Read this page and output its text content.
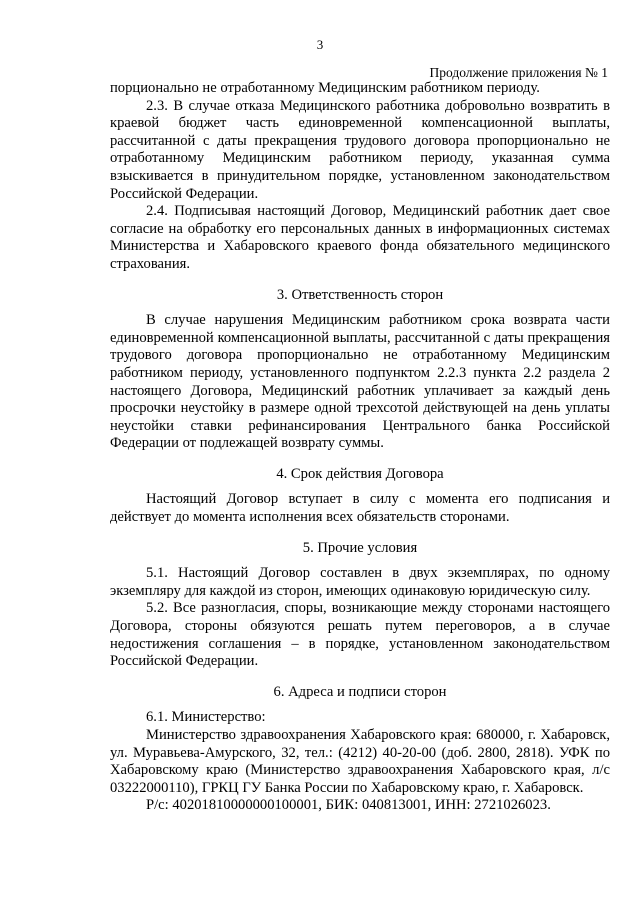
3
Продолжение приложения № 1

порционально не отработанному Медицинским работником периоду.

2.3. В случае отказа Медицинского работника добровольно возвратить в краевой бюджет часть единовременной компенсационной выплаты, рассчитанной с даты прекращения трудового договора пропорционально не отработанному Медицинским работником периоду, указанная сумма взыскивается в принудительном порядке, установленном законодательством Российской Федерации.

2.4. Подписывая настоящий Договор, Медицинский работник дает свое согласие на обработку его персональных данных в информационных системах Министерства и Хабаровского краевого фонда обязательного медицинского страхования.

3. Ответственность сторон

В случае нарушения Медицинским работником срока возврата части единовременной компенсационной выплаты, рассчитанной с даты прекращения трудового договора пропорционально не отработанному Медицинским работником периоду, установленного подпунктом 2.2.3 пункта 2.2 раздела 2 настоящего Договора, Медицинский работник уплачивает за каждый день просрочки неустойку в размере одной трехсотой действующей на день уплаты неустойки ставки рефинансирования Центрального банка Российской Федерации от подлежащей возврату суммы.

4. Срок действия Договора

Настоящий Договор вступает в силу с момента его подписания и действует до момента исполнения всех обязательств сторонами.

5. Прочие условия

5.1. Настоящий Договор составлен в двух экземплярах, по одному экземпляру для каждой из сторон, имеющих одинаковую юридическую силу.

5.2. Все разногласия, споры, возникающие между сторонами настоящего Договора, стороны обязуются решать путем переговоров, а в случае недостижения соглашения – в порядке, установленном законодательством Российской Федерации.

6. Адреса и подписи сторон

6.1. Министерство:

Министерство здравоохранения Хабаровского края: 680000, г. Хабаровск, ул. Муравьева-Амурского, 32, тел.: (4212) 40-20-00 (доб. 2800, 2818). УФК по Хабаровскому краю (Министерство здравоохранения Хабаровского края, л/с 03222000110), ГРКЦ ГУ Банка России по Хабаровскому краю, г. Хабаровск.

Р/с: 40201810000000100001, БИК: 040813001, ИНН: 2721026023.
